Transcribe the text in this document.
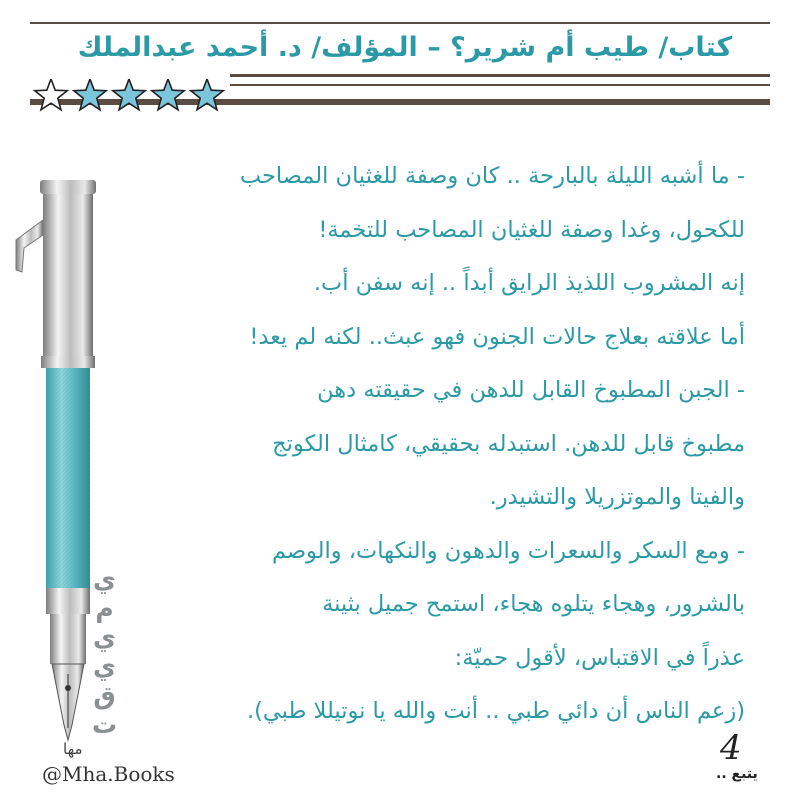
كتاب/ طيب أم شرير؟ – المؤلف/ د. أحمد عبدالملك
تقييمي

- ما أشبه الليلة بالبارحة .. كان وصفة للغثيان المصاحب

للكحول، وغدا وصفة للغثيان المصاحب للتخمة!

إنه المشروب اللذيذ الرايق أبداً .. إنه سفن أب.

أما علاقته بعلاج حالات الجنون فهو عبث.. لكنه لم يعد!

- الجبن المطبوخ القابل للدهن في حقيقته دهن

مطبوخ قابل للدهن. استبدله بحقيقي، كامثال الكوتج

والفيتا والموتزريلا والتشيدر.

- ومع السكر والسعرات والدهون والنكهات، والوصم

بالشرور، وهجاء يتلوه هجاء، استمح جميل بثينة

عذراً في الاقتباس، لأقول حميّة:

(زعم الناس أن دائي طبي .. أنت والله يا نوتيللا طبي).

مها
@Mha.Books
4
يتبع ..
